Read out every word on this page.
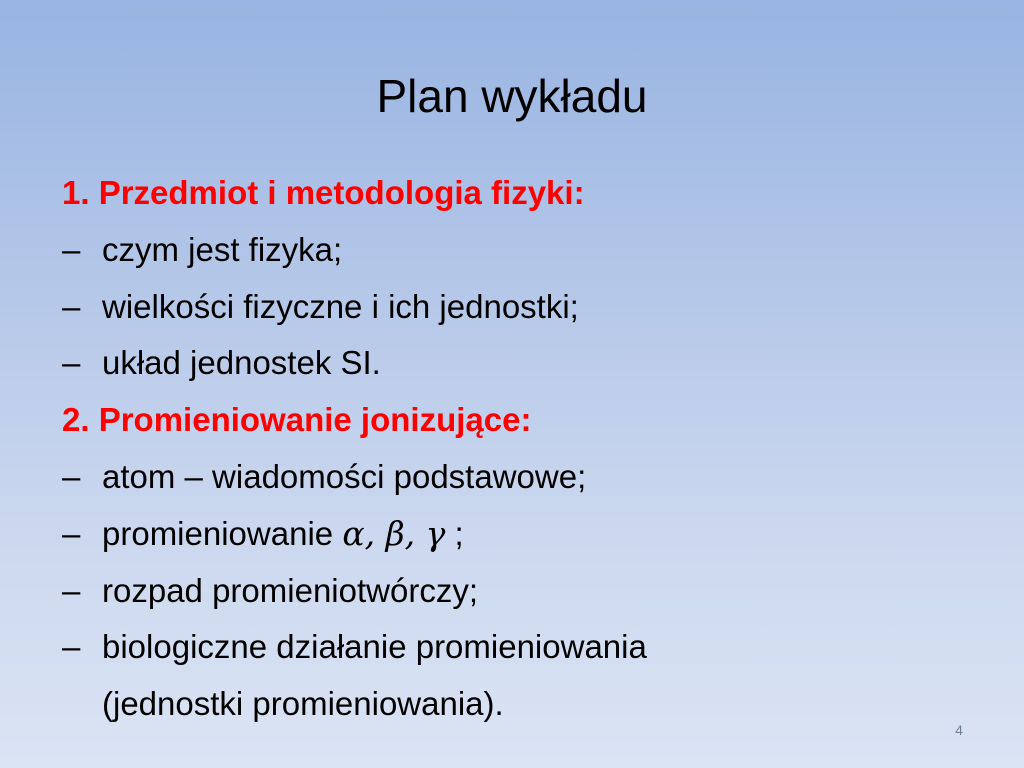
Plan wykładu
1. Przedmiot i metodologia fizyki:
– czym jest fizyka;
– wielkości fizyczne i ich jednostki;
– układ jednostek SI.
2. Promieniowanie jonizujące:
– atom – wiadomości podstawowe;
– promieniowanie α, β, γ ;
– rozpad promieniotwórczy;
– biologiczne działanie promieniowania
(jednostki promieniowania).
4
